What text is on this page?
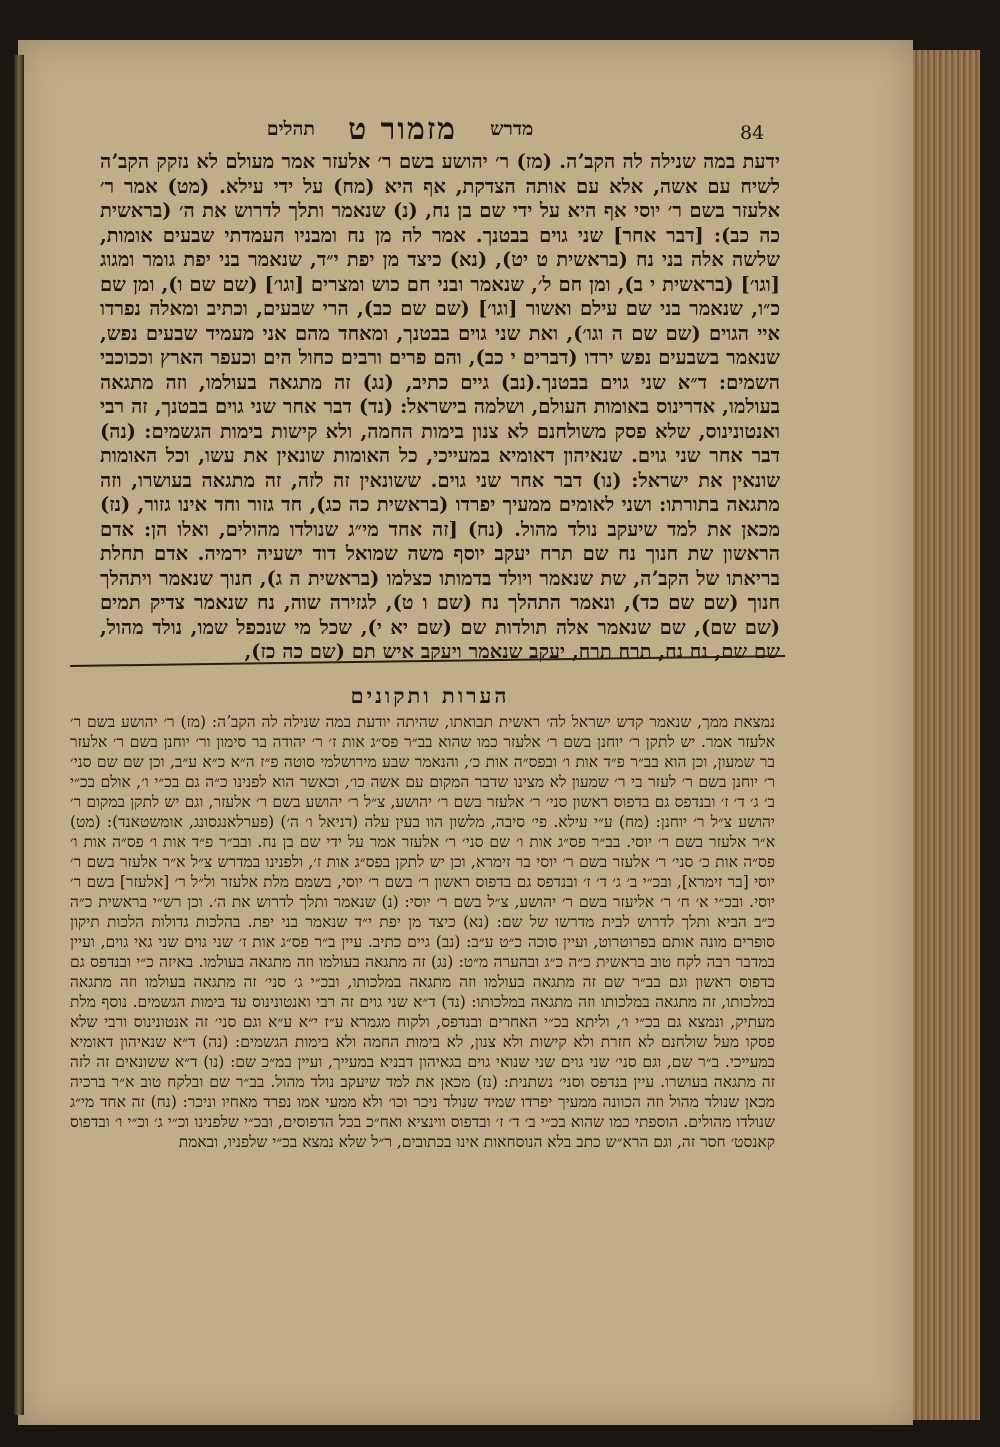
84
מדרש מזמור ט תהלים

ידעת במה שנילה לה הקבʼה. (מז) ר׳ יהושע בשם ר׳ אלעזר אמר מעולם לא נזקק הקבʼה לשיח עם אשה, אלא עם אותה הצדקת, אף היא (מח) על ידי עילא. (מט) אמר ר׳ אלעזר בשם ר׳ יוסי אף היא על ידי שם בן נח, (נ) שנאמר ותלך לדרוש את ה׳ (בראשית כה כב): [דבר אחר] שני גוים בבטנך. אמר לה מן נח ומבניו העמדתי שבעים אומות, שלשה אלה בני נח (בראשית ט יט), (נא) כיצד מן יפת י״ד, שנאמר בני יפת גומר ומגוג [וגו׳] (בראשית י ב), ומן חם ל׳, שנאמר ובני חם כוש ומצרים [וגו׳] (שם שם ו), ומן שם כ״ו, שנאמר בני שם עילם ואשור [וגו׳] (שם שם כב), הרי שבעים, וכתיב ומאלה נפרדו איי הגוים (שם שם ה וגו׳), ואת שני גוים בבטנך, ומאחד מהם אני מעמיד שבעים נפש, שנאמר בשבעים נפש ירדו (דברים י כב), והם פרים ורבים כחול הים וכעפר הארץ וככוכבי השמים: ד״א שני גוים בבטנך.(נב) גיים כתיב, (נג) זה מתגאה בעולמו, וזה מתגאה בעולמו, אדרינוס באומות העולם, ושלמה בישראל: (נד) דבר אחר שני גוים בבטנך, זה רבי ואנטונינוס, שלא פסק משולחנם לא צנון בימות החמה, ולא קישות בימות הגשמים: (נה) דבר אחר שני גוים. שנאיהון דאומיא במעייכי, כל האומות שונאין את עשו, וכל האומות שונאין את ישראל: (נו) דבר אחר שני גוים. ששונאין זה לזה, זה מתגאה בעושרו, וזה מתגאה בתורתו: ושני לאומים ממעיך יפרדו (בראשית כה כג), חד גזור וחד אינו גזור, (נז) מכאן את למד שיעקב נולד מהול. (נח) [זה אחד מי״ג שנולדו מהולים, ואלו הן: אדם הראשון שת חנוך נח שם תרח יעקב יוסף משה שמואל דוד ישעיה ירמיה. אדם תחלת בריאתו של הקבʼה, שת שנאמר ויולד בדמותו כצלמו (בראשית ה ג), חנוך שנאמר ויתהלך חנוך (שם שם כד), ונאמר התהלך נח (שם ו ט), לגזירה שוה, נח שנאמר צדיק תמים (שם שם), שם שנאמר אלה תולדות שם (שם יא י), שכל מי שנכפל שמו, נולד מהול, שם שם, נח נח, תרח תרח, יעקב שנאמר ויעקב איש תם (שם כה כז),

הערות ותקונים

נמצאת ממך, שנאמר קדש ישראל לה׳ ראשית תבואתו, שהיתה יודעת במה שנילה לה הקבʼה: (מז) ר׳ יהושע בשם ר׳ אלעזר אמר. יש לתקן ר׳ יוחנן בשם ר׳ אלעזר כמו שהוא בב״ר פס״ג אות ז׳ ר׳ יהודה בר סימון ור׳ יוחנן בשם ר׳ אלעזר בר שמעון, וכן הוא בב״ר פ״ד אות ו׳ ובפס״ה אות כ׳, והנאמר שבע מירושלמי סוטה פ״ז ה״א כ״א ע״ב, וכן שם שם סני׳ ר׳ יוחנן בשם ר׳ לעזר בי ר׳ שמעון לא מצינו שדבר המקום עם אשה כו׳, וכאשר הוא לפנינו כ״ה גם בכ״י ו׳, אולם בכ״י ב׳ ג׳ ד׳ ז׳ ובנדפס גם בדפוס ראשון סני׳ ר׳ אלעזר בשם ר׳ יהושע, צ״ל ר׳ יהושע בשם ר׳ אלעזר, וגם יש לתקן במקום ר׳ יהושע צ״ל ר׳ יוחנן: (מח) ע״י עילא. פי׳ סיבה, מלשון הוו בעין עלה (דניאל ו׳ ה׳) (פערלאנגסונג, אומשטאנד): (מט) א״ר אלעזר בשם ר׳ יוסי. בב״ר פס״ג אות ו׳ שם סני׳ ר׳ אלעזר אמר על ידי שם בן נח. ובב״ר פ״ד אות ו׳ פס״ה אות ו׳ פס״ה אות כ׳ סני׳ ר׳ אלעזר בשם ר׳ יוסי בר זימרא, וכן יש לתקן בפס״ג אות ז׳, ולפנינו במדרש צ״ל א״ר אלעזר בשם ר׳ יוסי [בר זימרא], ובכ״י ב׳ ג׳ ד׳ ז׳ ובנדפס גם בדפוס ראשון ר׳ בשם ר׳ יוסי, בשמם מלת אלעזר ול״ל ר׳ [אלעזר] בשם ר׳ יוסי. ובכ״י א׳ ח׳ ר׳ אליעזר בשם ר׳ יהושע, צ״ל בשם ר׳ יוסי: (נ) שנאמר ותלך לדרוש את ה׳. וכן רש״י בראשית כ״ה כ״ב הביא ותלך לדרוש לבית מדרשו של שם: (נא) כיצד מן יפת י״ד שנאמר בני יפת. בהלכות גדולות הלכות תיקון סופרים מונה אותם בפרוטרוט, ועיין סוכה כ״ט ע״ב: (נב) גיים כתיב. עיין ב״ר פס״ג אות ז׳ שני גוים שני גאי גוים, ועיין במדבר רבה לקח טוב בראשית כ״ה כ״ג ובהערה מ״ט: (נג) זה מתגאה בעולמו וזה מתגאה בעולמו. באיזה כ״י ובנדפס גם בדפוס ראשון וגם בב״ר שם זה מתגאה בעולמו וזה מתגאה במלכותו, ובכ״י ג׳ סני׳ זה מתגאה בעולמו וזה מתגאה במלכותו, זה מתגאה במלכותו וזה מתגאה במלכותו: (נד) ד״א שני גוים זה רבי ואנטונינוס עד בימות הגשמים. נוסף מלת מעתיק, ונמצא גם בכ״י ו׳, וליתא בכ״י האחרים ובנדפס, ולקוח מגמרא ע״ז י״א ע״א וגם סני׳ זה אנטונינוס ורבי שלא פסקו מעל שולחנם לא חזרת ולא קישות ולא צנון, לא בימות החמה ולא בימות הגשמים: (נה) ד״א שנאיהון דאומיא במעייכי. ב״ר שם, וגם סני׳ שני גוים שני שנואי גוים בגאיהון דבניא במעייך, ועיין במ״כ שם: (נו) ד״א ששונאים זה לזה זה מתגאה בעושרו. עיין בנדפס וסני׳ נשתנית: (נז) מכאן את למד שיעקב נולד מהול. בב״ר שם ובלקח טוב א״ר ברכיה מכאן שנולד מהול וזה הכוונה ממעיך יפרדו שמיד שנולד ניכר וכו׳ ולא ממעי אמו נפרד מאחיו וניכר: (נח) זה אחד מי״ג שנולדו מהולים. הוספתי כמו שהוא בכ״י ב׳ ד׳ ז׳ ובדפוס ווינציא ואח״כ בכל הדפוסים, ובכ״י שלפנינו וכ״י ג׳ וכ״י ו׳ ובדפוס קאנסט׳ חסר זה, וגם הרא״ש כתב בלא הנוסחאות אינו בכתובים, ר״ל שלא נמצא בכ״י שלפניו, ובאמת
